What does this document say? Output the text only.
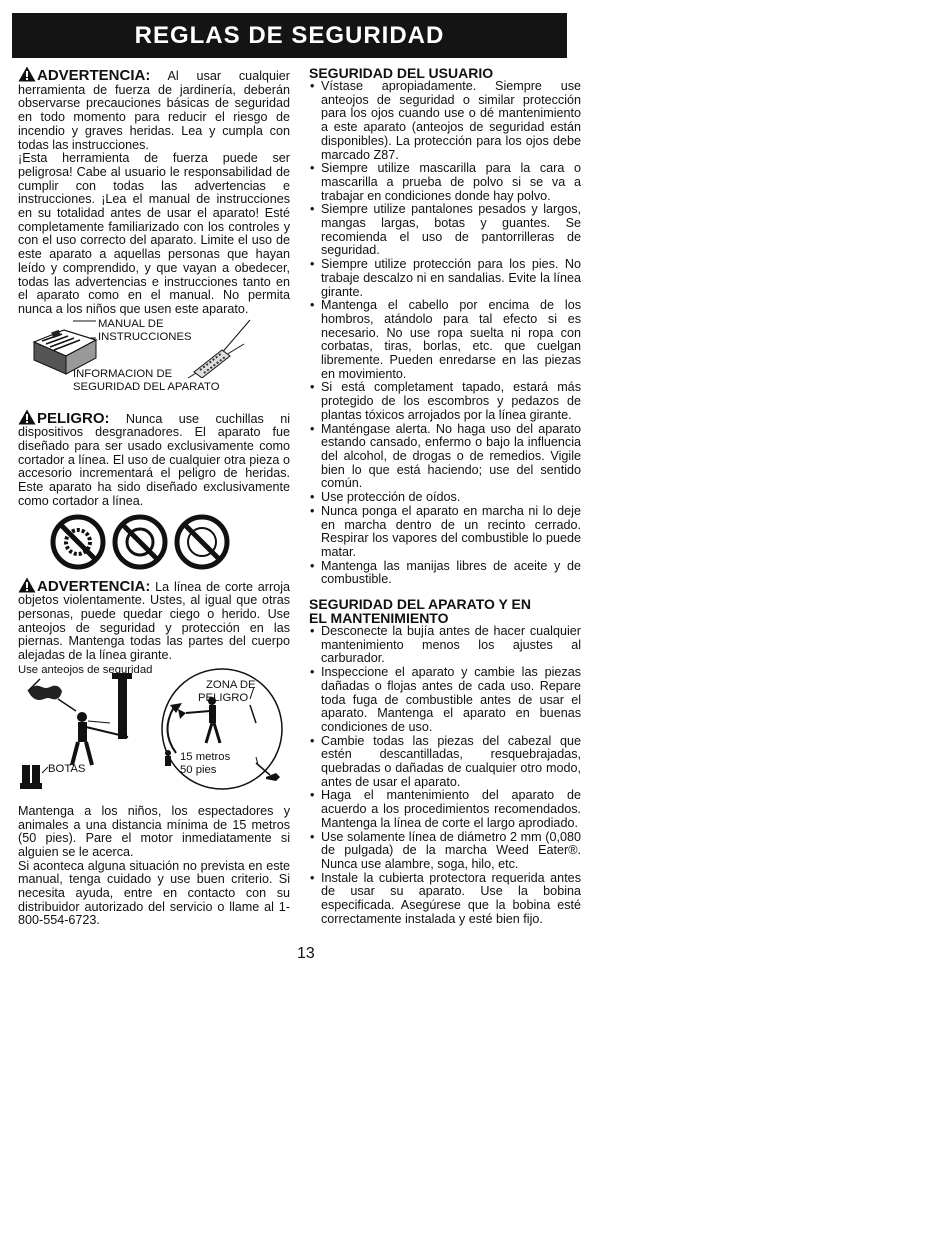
REGLAS DE SEGURIDAD

ADVERTENCIA: Al usar cualquier herramienta de fuerza de jardinería, deberán observarse precauciones básicas de seguridad en todo momento para reducir el riesgo de incendio y graves heridas. Lea y cumpla con todas las instrucciones.

¡Esta herramienta de fuerza puede ser peligrosa! Cabe al usuario le responsabilidad de cumplir con todas las advertencias e instrucciones. ¡Lea el manual de instrucciones en su totalidad antes de usar el aparato! Esté completamente familiarizado con los controles y con el uso correcto del aparato. Limite el uso de este aparato a aquellas personas que hayan leído y comprendido, y que vayan a obedecer, todas las advertencias e instrucciones tanto en el aparato como en el manual. No permita nunca a los niños que usen este aparato.

MANUAL DE
INSTRUCCIONES
INFORMACION DE
SEGURIDAD DEL APARATO

PELIGRO: Nunca use cuchillas ni dispositivos desgranadores. El aparato fue diseñado para ser usado exclusivamente como cortador a línea. El uso de cualquier otra pieza o accesorio incrementará el peligro de heridas. Este aparato ha sido diseñado exclusivamente como cortador a línea.

ADVERTENCIA: La línea de corte arroja objetos violentamente. Ustes, al igual que otras personas, puede quedar ciego o herido. Use anteojos de seguridad y protección en las piernas. Mantenga todas las partes del cuerpo alejadas de la línea girante.

Use anteojos de seguridad
ZONA DE
PELIGRO
15 metros
50 pies
BOTAS

Mantenga a los niños, los espectadores y animales a una distancia mínima de 15 metros (50 pies). Pare el motor inmediatamente si alguien se le acerca.

Si aconteca alguna situación no prevista en este manual, tenga cuidado y use buen criterio. Si necesita ayuda, entre en contacto con su distribuidor autorizado del servicio o llame al 1-800-554-6723.

SEGURIDAD DEL USUARIO

• Vístase apropiadamente. Siempre use anteojos de seguridad o similar protección para los ojos cuando use o dé mantenimiento a este aparato (anteojos de seguridad están disponibles). La protección para los ojos debe marcado Z87.
• Siempre utilize mascarilla para la cara o mascarilla a prueba de polvo si se va a trabajar en condiciones donde hay polvo.
• Siempre utilize pantalones pesados y largos, mangas largas, botas y guantes. Se recomienda el uso de pantorrilleras de seguridad.
• Siempre utilize protección para los pies. No trabaje descalzo ni en sandalias. Evite la línea girante.
• Mantenga el cabello por encima de los hombros, atándolo para tal efecto si es necesario. No use ropa suelta ni ropa con corbatas, tiras, borlas, etc. que cuelgan libremente. Pueden enredarse en las piezas en movimiento.
• Si está completament tapado, estará más protegido de los escombros y pedazos de plantas tóxicos arrojados por la línea girante.
• Manténgase alerta. No haga uso del aparato estando cansado, enfermo o bajo la influencia del alcohol, de drogas o de remedios. Vigile bien lo que está haciendo; use del sentido común.
• Use protección de oídos.
• Nunca ponga el aparato en marcha ni lo deje en marcha dentro de un recinto cerrado. Respirar los vapores del combustible lo puede matar.
• Mantenga las manijas libres de aceite y de combustible.

SEGURIDAD DEL APARATO Y EN

EL MANTENIMIENTO

• Desconecte la bujía antes de hacer cualquier mantenimiento menos los ajustes al carburador.
• Inspeccione el aparato y cambie las piezas dañadas o flojas antes de cada uso. Repare toda fuga de combustible antes de usar el aparato. Mantenga el aparato en buenas condiciones de uso.
• Cambie todas las piezas del cabezal que estén descantilladas, resquebrajadas, quebradas o dañadas de cualquier otro modo, antes de usar el aparato.
• Haga el mantenimiento del aparato de acuerdo a los procedimientos recomendados. Mantenga la línea de corte el largo aprodiado.
• Use solamente línea de diámetro 2 mm (0,080 de pulgada) de la marcha Weed Eater®. Nunca use alambre, soga, hilo, etc.
• Instale la cubierta protectora requerida antes de usar su aparato. Use la bobina especificada. Asegúrese que la bobina esté correctamente instalada y esté bien fijo.
13
